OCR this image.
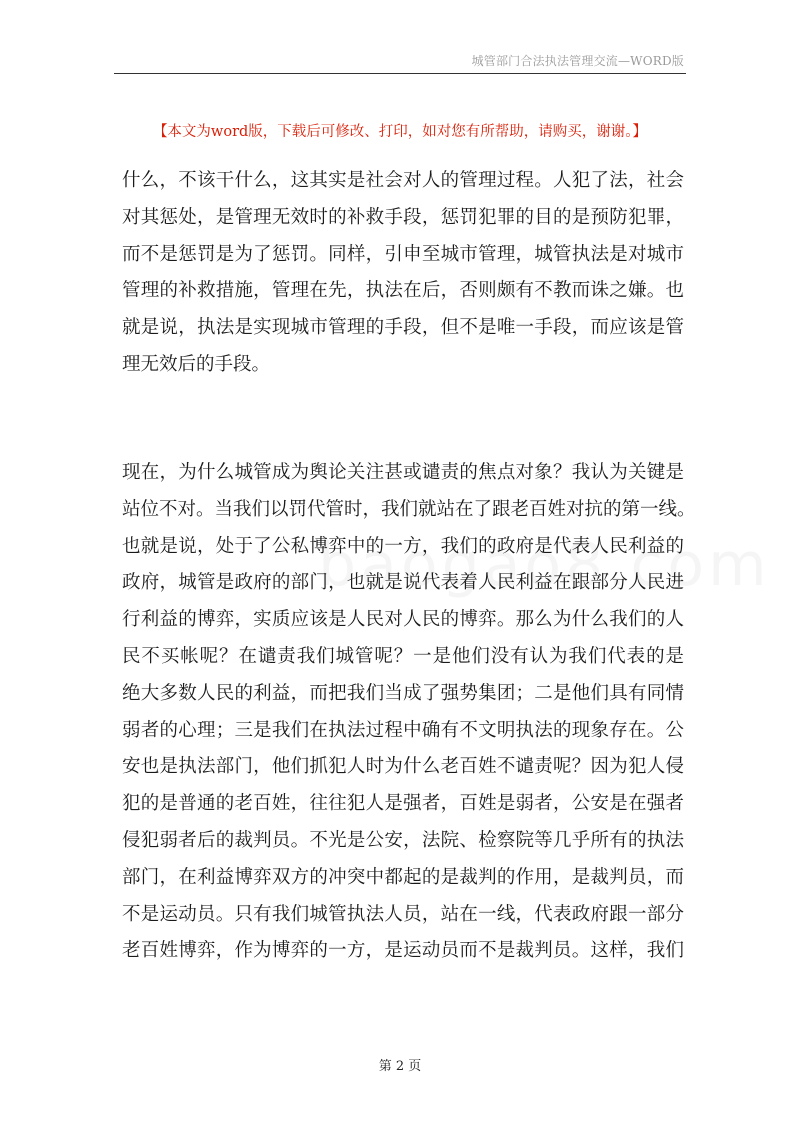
城管部门合法执法管理交流—WORD版
【本文为word版，下载后可修改、打印，如对您有所帮助，请购买，谢谢。】

什么，不该干什么，这其实是社会对人的管理过程。人犯了法，社会
对其惩处，是管理无效时的补救手段，惩罚犯罪的目的是预防犯罪，
而不是惩罚是为了惩罚。同样，引申至城市管理，城管执法是对城市
管理的补救措施，管理在先，执法在后，否则颇有不教而诛之嫌。也
就是说，执法是实现城市管理的手段，但不是唯一手段，而应该是管
理无效后的手段。

现在，为什么城管成为舆论关注甚或谴责的焦点对象？我认为关键是
站位不对。当我们以罚代管时，我们就站在了跟老百姓对抗的第一线。
也就是说，处于了公私博弈中的一方，我们的政府是代表人民利益的
政府，城管是政府的部门，也就是说代表着人民利益在跟部分人民进
行利益的博弈，实质应该是人民对人民的博弈。那么为什么我们的人
民不买帐呢？在谴责我们城管呢？一是他们没有认为我们代表的是
绝大多数人民的利益，而把我们当成了强势集团；二是他们具有同情
弱者的心理；三是我们在执法过程中确有不文明执法的现象存在。公
安也是执法部门，他们抓犯人时为什么老百姓不谴责呢？因为犯人侵
犯的是普通的老百姓，往往犯人是强者，百姓是弱者，公安是在强者
侵犯弱者后的裁判员。不光是公安，法院、检察院等几乎所有的执法
部门，在利益博弈双方的冲突中都起的是裁判的作用，是裁判员，而
不是运动员。只有我们城管执法人员，站在一线，代表政府跟一部分
老百姓博弈，作为博弈的一方，是运动员而不是裁判员。这样，我们

第 2 页
